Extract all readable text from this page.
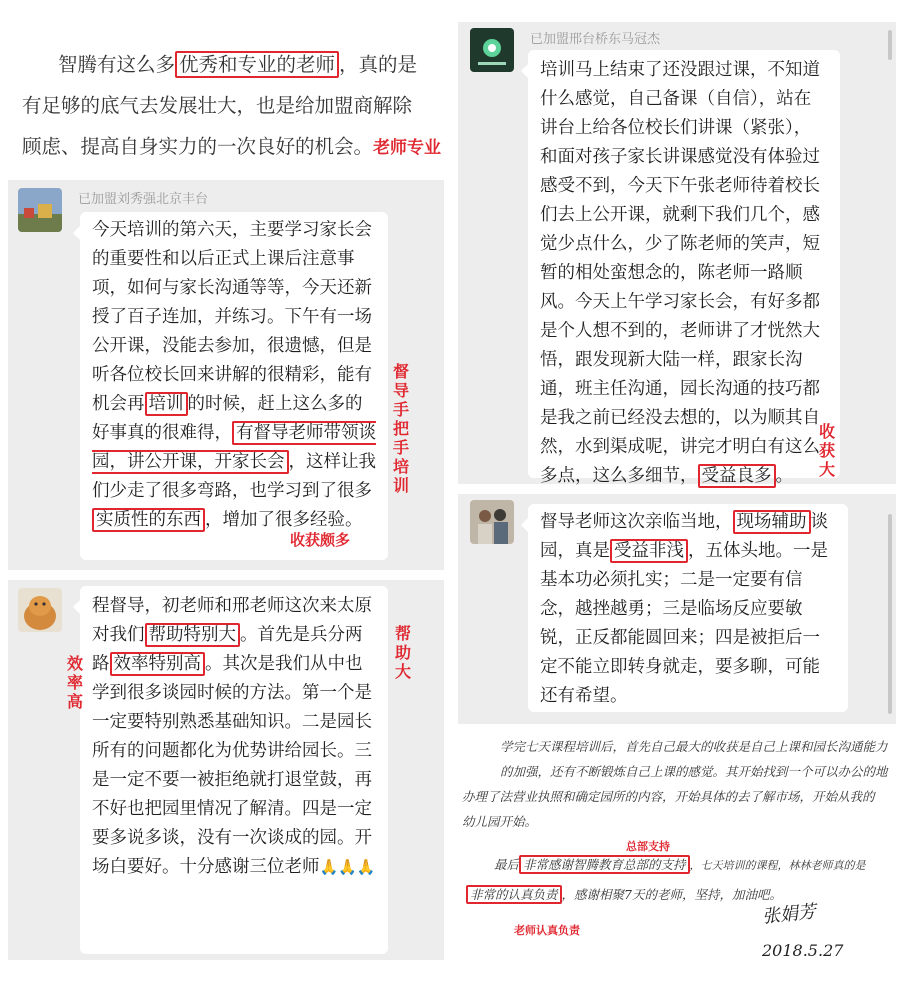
智腾有这么多 优秀和专业的老师 ，真的是
有足够的底气去发展壮大，也是给加盟商解除
顾虑、提高自身实力的一次良好的机会。老师专业
已加盟刘秀强北京丰台
今天培训的第六天，主要学习家长会的重要性和以后正式上课后注意事项，如何与家长沟通等等，今天还新授了百子连加，并练习。下午有一场公开课，没能去参加，很遗憾，但是听各位校长回来讲解的很精彩，能有机会再 培训 的时候，赶上这么多的好事真的很难得， 有督导老师带领谈园，讲公开课，开家长会 ，这样让我们少走了很多弯路，也学习到了很多实质性的东西 ，增加了很多经验。
督导手把手培训
收获颇多
程督导，初老师和邢老师这次来太原对我们 帮助特别大 。首先是兵分两路 效率特别高 。其次是我们从中也学到很多谈园时候的方法。第一个是一定要特别熟悉基础知识。二是园长所有的问题都化为优势讲给园长。三是一定不要一被拒绝就打退堂鼓，再不好也把园里情况了解清。四是一定要多说多谈，没有一次谈成的园。开场白要好。十分感谢三位老师🙏🙏🙏
效率高
帮助大
已加盟邢台桥东马冠杰
培训马上结束了还没跟过课，不知道什么感觉，自己备课（自信），站在讲台上给各位校长们讲课（紧张），和面对孩子家长讲课感觉没有体验过感受不到，今天下午张老师待着校长们去上公开课，就剩下我们几个，感觉少点什么，少了陈老师的笑声，短暂的相处蛮想念的，陈老师一路顺风。今天上午学习家长会，有好多都是个人想不到的，老师讲了才恍然大悟，跟发现新大陆一样，跟家长沟通，班主任沟通，园长沟通的技巧都是我之前已经没去想的，以为顺其自然，水到渠成呢，讲完才明白有这么多点，这么多细节， 受益良多 。
收获大
督导老师这次亲临当地， 现场辅助 谈园，真是 受益非浅 ，五体头地。一是基本功必须扎实；二是一定要有信念，越挫越勇；三是临场反应要敏锐，正反都能圆回来；四是被拒后一定不能立即转身就走，要多聊，可能还有希望。
学完七天课程培训后，首先自己最大的收获是自己上课和园长沟通能力的加强，还有不断锻炼自己上课的感觉。其开始找到一个可以办公的地
办理了法营业执照和确定园所的内容，开始具体的去了解市场，开始从我的
幼儿园开始。
总部支持
最后 非常感谢智腾教育总部的支持 ，七天培训的课程，林林老师真的是
非常的认真负责 ，感谢相聚7天的老师，坚持，加油吧。
老师认真负责
张娟芳
2018.5.27
